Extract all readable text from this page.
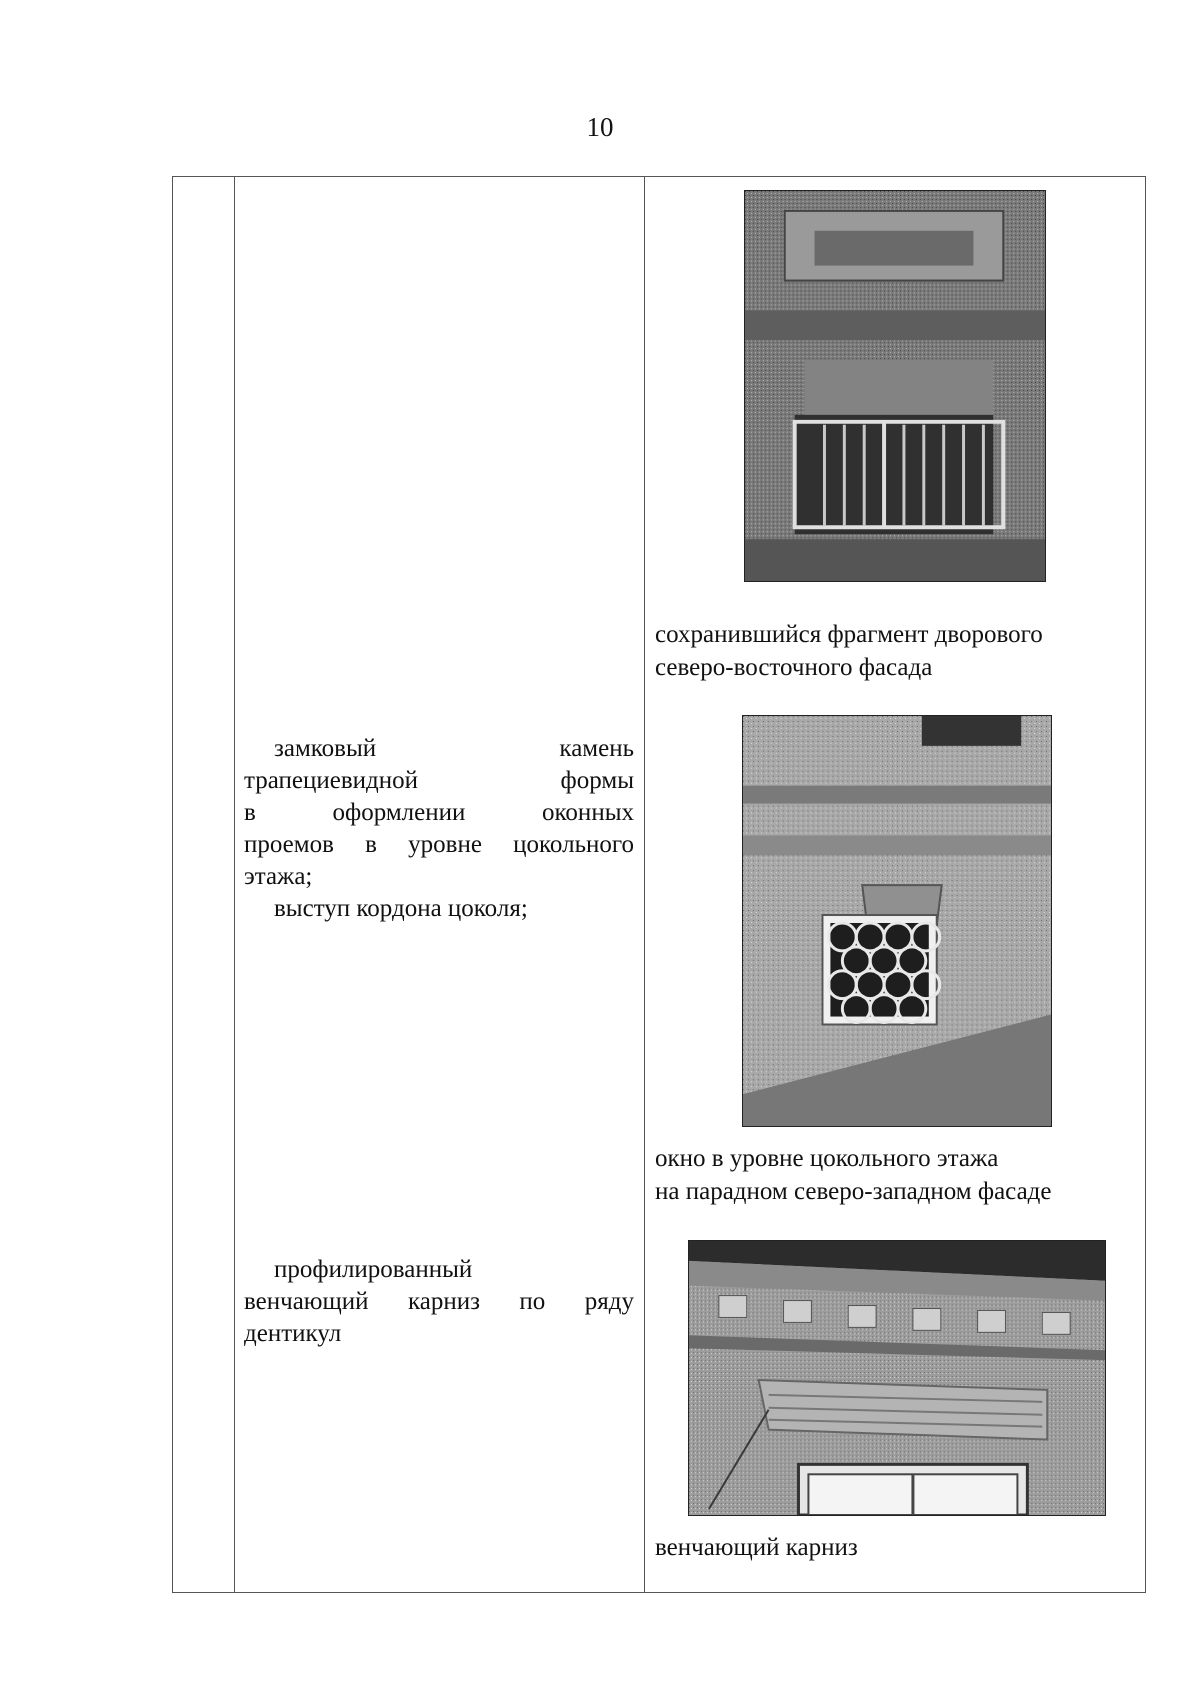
10
сохранившийся фрагмент дворового
северо-восточного фасада

замковый камень
трапециевидной формы
в оформлении оконных
проемов в уровне цокольного
этажа;

выступ кордона цоколя;

окно в уровне цокольного этажа
на парадном северо-западном фасаде

профилированный
венчающий карниз по ряду
дентикул

венчающий карниз
